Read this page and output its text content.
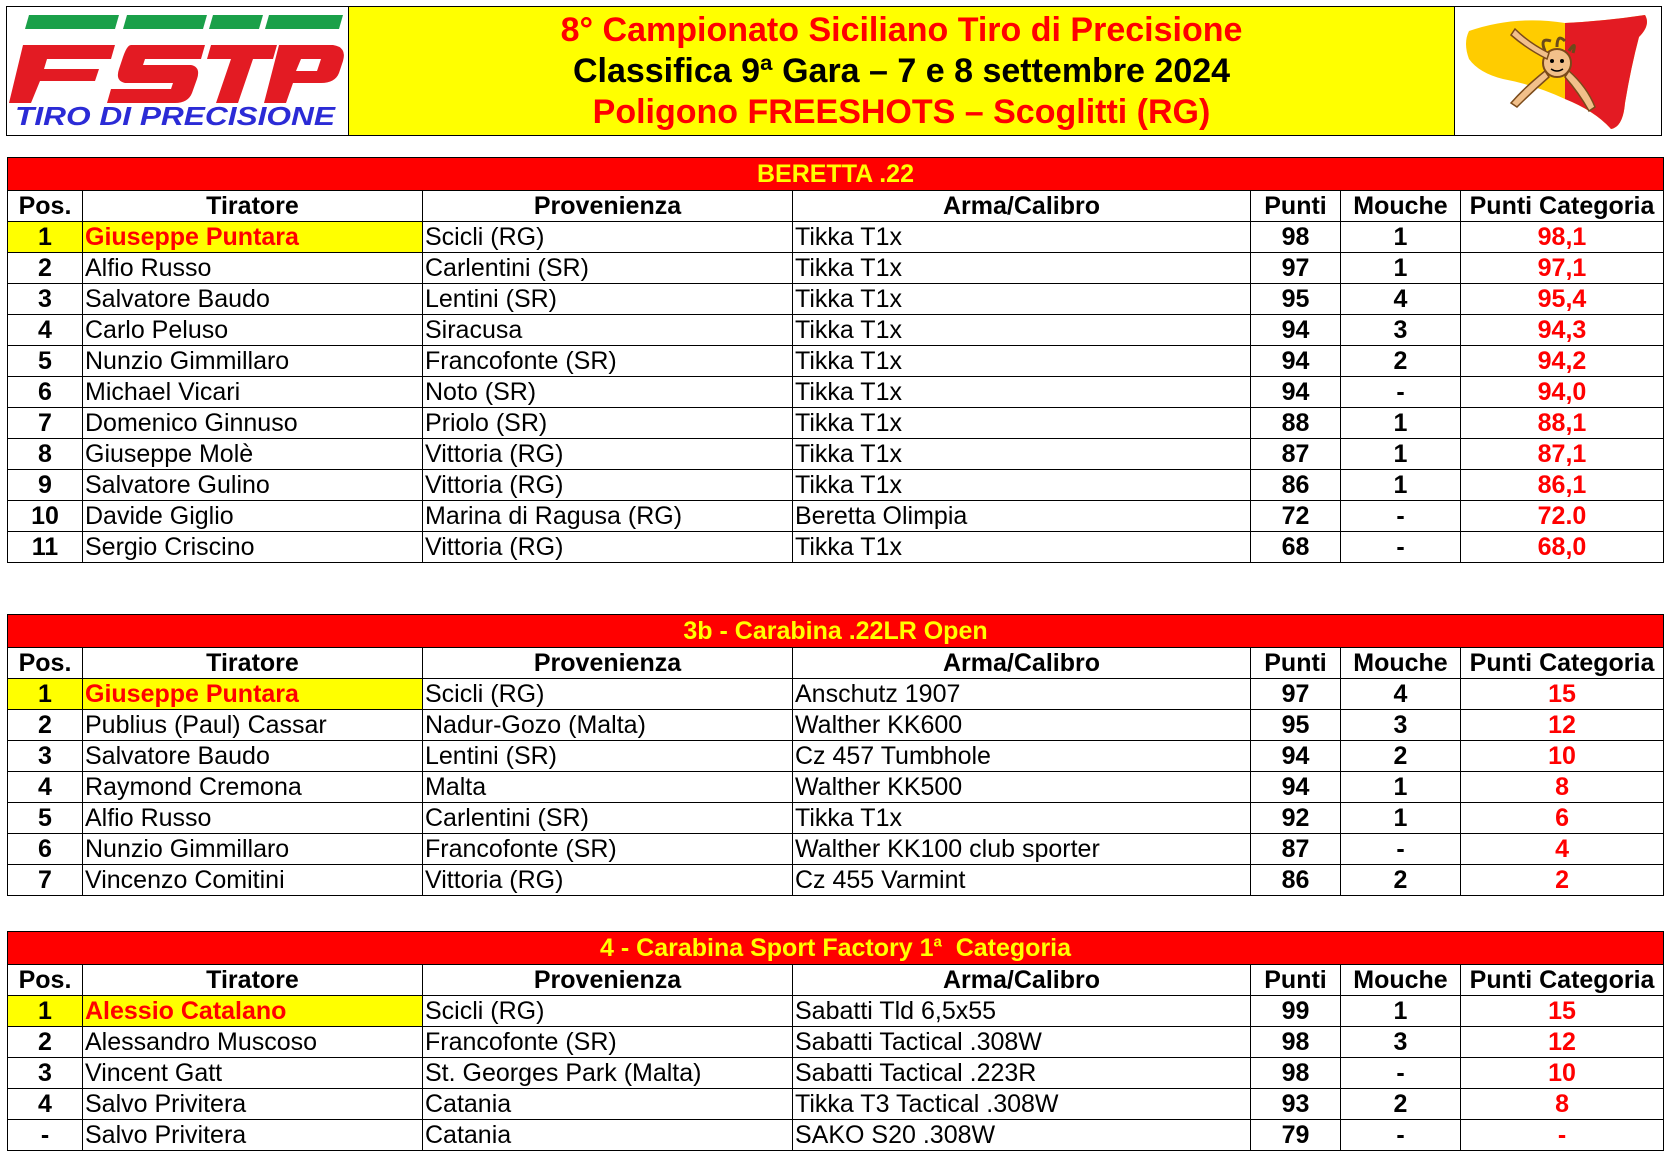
TIRO DI PRECISIONE
8° Campionato Siciliano Tiro di Precisione
Classifica 9ª Gara – 7 e 8 settembre 2024
Poligono FREESHOTS – Scoglitti (RG)
BERETTA .22						
Pos.	Tiratore	Provenienza	Arma/Calibro	Punti	Mouche	Punti Categoria
1	Giuseppe Puntara	Scicli (RG)	Tikka T1x	98	1	98,1
2	Alfio Russo	Carlentini (SR)	Tikka T1x	97	1	97,1
3	Salvatore Baudo	Lentini (SR)	Tikka T1x	95	4	95,4
4	Carlo Peluso	Siracusa	Tikka T1x	94	3	94,3
5	Nunzio Gimmillaro	Francofonte (SR)	Tikka T1x	94	2	94,2
6	Michael Vicari	Noto (SR)	Tikka T1x	94	-	94,0
7	Domenico Ginnuso	Priolo (SR)	Tikka T1x	88	1	88,1
8	Giuseppe Molè	Vittoria (RG)	Tikka T1x	87	1	87,1
9	Salvatore Gulino	Vittoria (RG)	Tikka T1x	86	1	86,1
10	Davide Giglio	Marina di Ragusa (RG)	Beretta Olimpia	72	-	72.0
11	Sergio Criscino	Vittoria (RG)	Tikka T1x	68	-	68,0
3b - Carabina .22LR Open						
Pos.	Tiratore	Provenienza	Arma/Calibro	Punti	Mouche	Punti Categoria
1	Giuseppe Puntara	Scicli (RG)	Anschutz 1907	97	4	15
2	Publius (Paul) Cassar	Nadur-Gozo (Malta)	Walther KK600	95	3	12
3	Salvatore Baudo	Lentini (SR)	Cz 457 Tumbhole	94	2	10
4	Raymond Cremona	Malta	Walther KK500	94	1	8
5	Alfio Russo	Carlentini (SR)	Tikka T1x	92	1	6
6	Nunzio Gimmillaro	Francofonte (SR)	Walther KK100 club sporter	87	-	4
7	Vincenzo Comitini	Vittoria (RG)	Cz 455 Varmint	86	2	2
4 - Carabina Sport Factory 1$^a$  Categoria						
Pos.	Tiratore	Provenienza	Arma/Calibro	Punti	Mouche	Punti Categoria
1	Alessio Catalano	Scicli (RG)	Sabatti Tld 6,5x55	99	1	15
2	Alessandro Muscoso	Francofonte (SR)	Sabatti Tactical .308W	98	3	12
3	Vincent Gatt	St. Georges Park (Malta)	Sabatti Tactical .223R	98	-	10
4	Salvo Privitera	Catania	Tikka T3 Tactical .308W	93	2	8
-	Salvo Privitera	Catania	SAKO S20 .308W	79	-	-
